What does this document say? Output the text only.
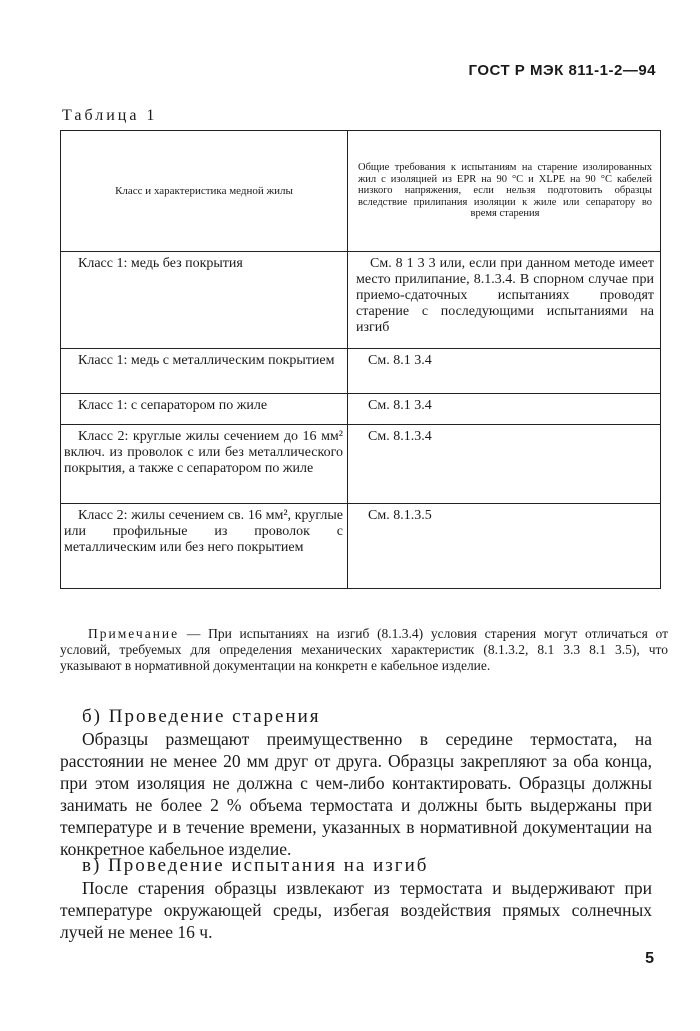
ГОСТ Р МЭК 811-1-2—94
Таблица 1
Класс и характеристика медной жилы	Общие требования к испытаниям на старение изолированных жил с изоляцией из EPR на 90 °С и XLPE на 90 °С кабелей низкого напряжения, если нельзя подготовить образцы вследствие прилипания изоляции к жиле или сепаратору во время старения

Класс 1: медь без покрытия	См. 8 1 3 3 или, если при данном методе имеет место прилипание, 8.1.3.4. В спорном случае при приемо-сдаточных испытаниях проводят старение с последующими испытаниями на изгиб

Класс 1: медь с металлическим покрытием	См. 8.1 3.4

Класс 1: с сепаратором по жиле	См. 8.1 3.4

Класс 2: круглые жилы сечением до 16 мм² включ. из проволок с или без металлического покрытия, а также с сепаратором по жиле	См. 8.1.3.4

Класс 2: жилы сечением св. 16 мм², круглые или профильные из проволок с металлическим или без него покрытием	См. 8.1.3.5
Примечание — При испытаниях на изгиб (8.1.3.4) условия старения могут отличаться от условий, требуемых для определения механических характеристик (8.1.3.2, 8.1 3.3 8.1 3.5), что указывают в нормативной документации на конкретн е кабельное изделие.
б) Проведение старения
Образцы размещают преимущественно в середине термостата, на расстоянии не менее 20 мм друг от друга. Образцы закрепляют за оба конца, при этом изоляция не должна с чем-либо контактировать. Образцы должны занимать не более 2 % объема термостата и должны быть выдержаны при температуре и в течение времени, указанных в нормативной документации на конкретное кабельное изделие.
в) Проведение испытания на изгиб
После старения образцы извлекают из термостата и выдерживают при температуре окружающей среды, избегая воздействия прямых солнечных лучей не менее 16 ч.
5
